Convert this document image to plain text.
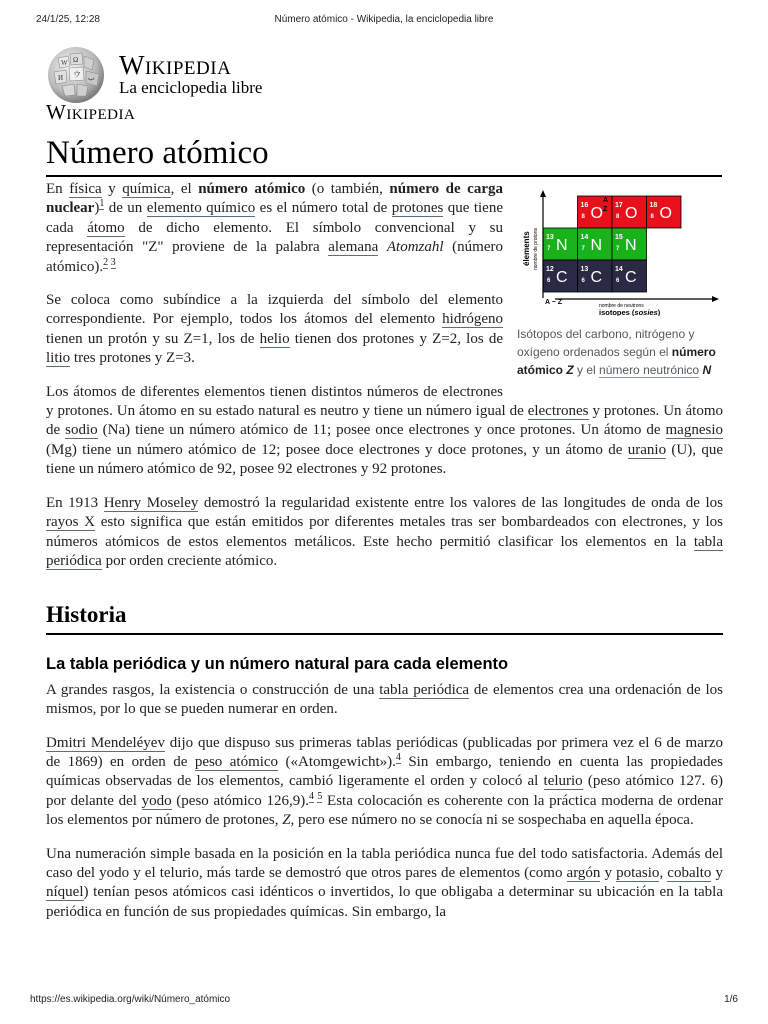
24/1/25, 12:28	Número atómico - Wikipedia, la enciclopedia libre
W Ω
ウ
И	ب Wikipedia
La enciclopedia libre
Wikipedia
Número atómico
16
8 O 17
8 O 18
8 O
13
7 N 14
7 N 15
7 N
12
6 C 13
6 C 14
6 C
A
Z
A − Z
élements nombre de protons
nombre de neutrons
isotopes (sosies)
Isótopos del carbono, nitrógeno y oxígeno ordenados según el número atómico Z y el número neutrónico N

En física y química, el número atómico (o también, número de carga nuclear)$^1$ de un elemento químico es el número total de protones que tiene cada átomo de dicho elemento. El símbolo convencional y su representación "Z" proviene de la palabra alemana Atomzahl (número atómico).$^{2 3}$

Se coloca como subíndice a la izquierda del símbolo del elemento correspondiente. Por ejemplo, todos los átomos del elemento hidrógeno tienen un protón y su Z=1, los de helio tienen dos protones y Z=2, los de litio tres protones y Z=3.

Los átomos de diferentes elementos tienen distintos números de electrones y protones. Un átomo en su estado natural es neutro y tiene un número igual de electrones y protones. Un átomo de sodio (Na) tiene un número atómico de 11; posee once electrones y once protones. Un átomo de magnesio (Mg) tiene un número atómico de 12; posee doce electrones y doce protones, y un átomo de uranio (U), que tiene un número atómico de 92, posee 92 electrones y 92 protones.

En 1913 Henry Moseley demostró la regularidad existente entre los valores de las longitudes de onda de los rayos X esto significa que están emitidos por diferentes metales tras ser bombardeados con electrones, y los números atómicos de estos elementos metálicos. Este hecho permitió clasificar los elementos en la tabla periódica por orden creciente atómico.

Historia
La tabla periódica y un número natural para cada elemento

A grandes rasgos, la existencia o construcción de una tabla periódica de elementos crea una ordenación de los mismos, por lo que se pueden numerar en orden.

Dmitri Mendeléyev dijo que dispuso sus primeras tablas periódicas (publicadas por primera vez el 6 de marzo de 1869) en orden de peso atómico («Atomgewicht»).$^4$ Sin embargo, teniendo en cuenta las propiedades químicas observadas de los elementos, cambió ligeramente el orden y colocó al telurio (peso atómico 127. 6) por delante del yodo (peso atómico 126,9).$^{4 5}$ Esta colocación es coherente con la práctica moderna de ordenar los elementos por número de protones, Z, pero ese número no se conocía ni se sospechaba en aquella época.

Una numeración simple basada en la posición en la tabla periódica nunca fue del todo satisfactoria. Además del caso del yodo y el telurio, más tarde se demostró que otros pares de elementos (como argón y potasio, cobalto y níquel) tenían pesos atómicos casi idénticos o invertidos, lo que obligaba a determinar su ubicación en la tabla periódica en función de sus propiedades químicas. Sin embargo, la

https://es.wikipedia.org/wiki/Número_atómico	1/6
